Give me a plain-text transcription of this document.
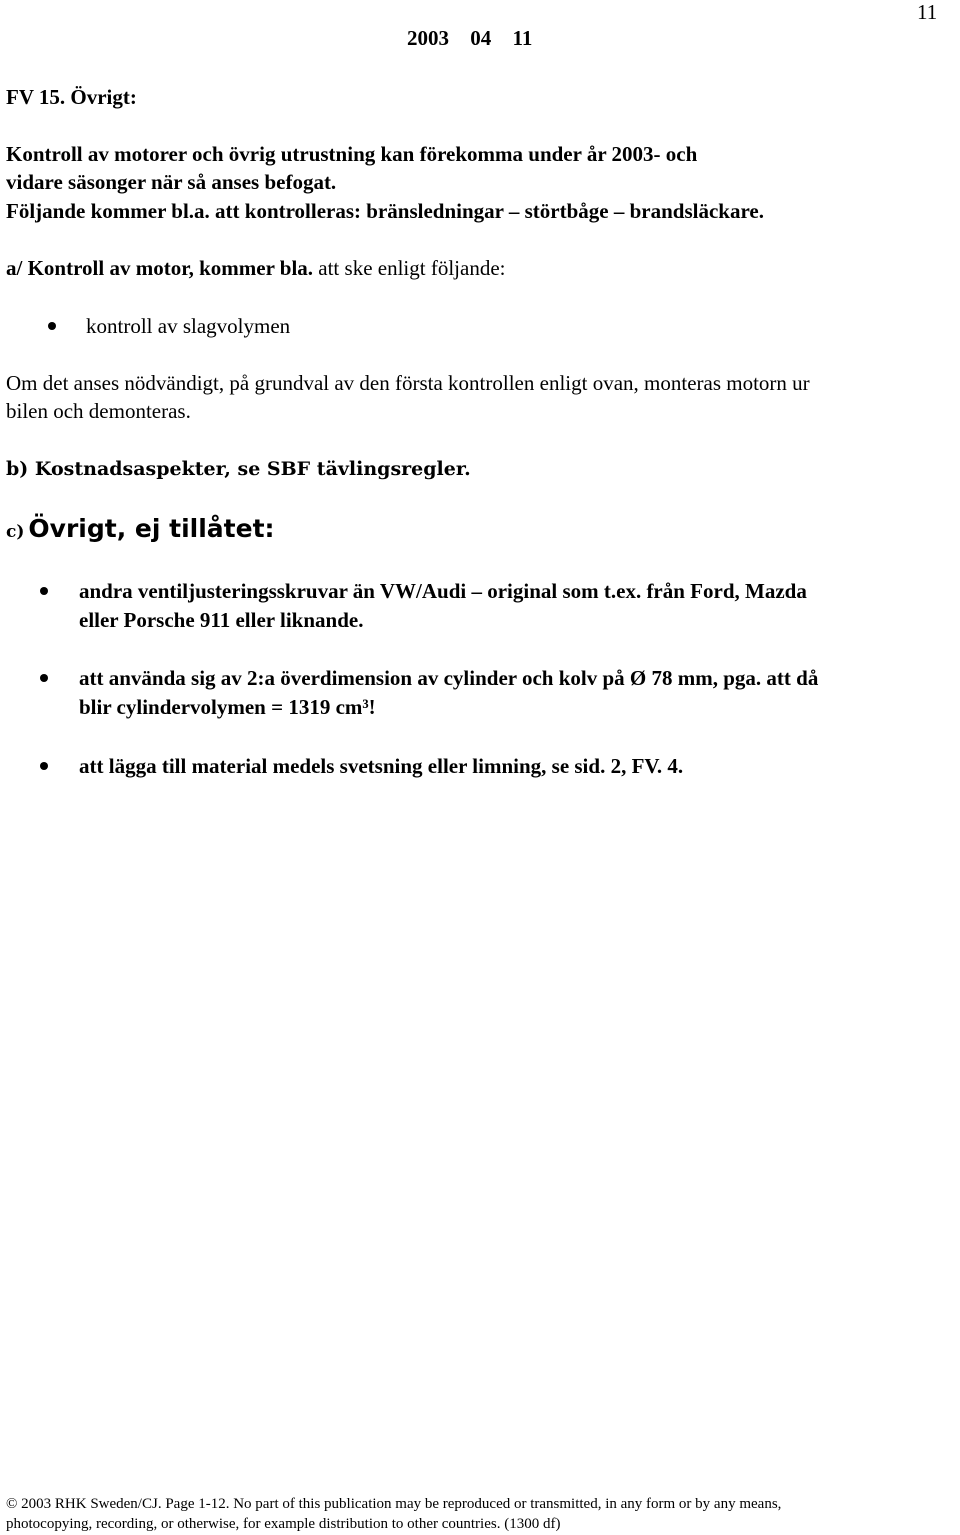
11
2003 04 11
FV 15. Övrigt:
Kontroll av motorer och övrig utrustning kan förekomma under år 2003- och
vidare säsonger när så anses befogat.
Följande kommer bl.a. att kontrolleras: bränsledningar – störtbåge – brandsläckare.
a/ Kontroll av motor, kommer bla. att ske enligt följande:
kontroll av slagvolymen
Om det anses nödvändigt, på grundval av den första kontrollen enligt ovan, monteras motorn ur
bilen och demonteras.
b) Kostnadsaspekter, se SBF tävlingsregler.
c) Övrigt, ej tillåtet:
andra ventiljusteringsskruvar än VW/Audi – original som t.ex. från Ford, Mazda
eller Porsche 911 eller liknande.
att använda sig av 2:a överdimension av cylinder och kolv på Ø 78 mm, pga. att då
blir cylindervolymen = 1319 cm³!
att lägga till material medels svetsning eller limning, se sid. 2, FV. 4.
© 2003 RHK Sweden/CJ. Page 1-12. No part of this publication may be reproduced or transmitted, in any form or by any means,
photocopying, recording, or otherwise, for example distribution to other countries. (1300 df)
